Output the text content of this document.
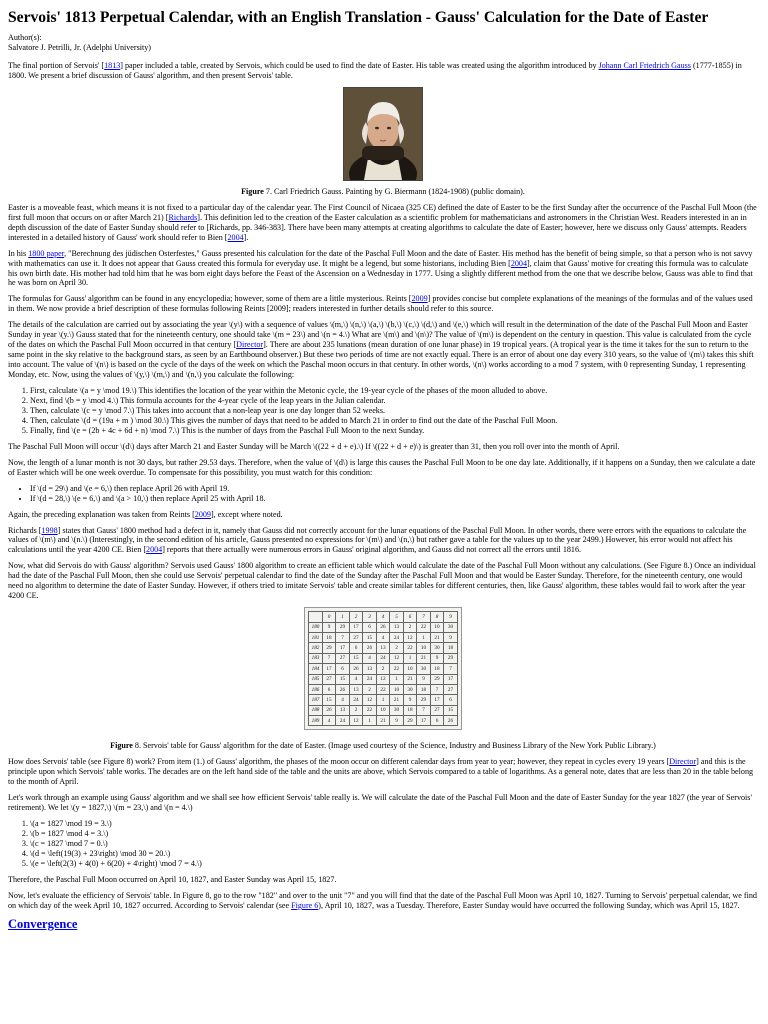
Servois' 1813 Perpetual Calendar, with an English Translation - Gauss' Calculation for the Date of Easter

Author(s):

Salvatore J. Petrilli, Jr. (Adelphi University)

The final portion of Servois' [1813] paper included a table, created by Servois, which could be used to find the date of Easter. His table was created using the algorithm introduced by Johann Carl Friedrich Gauss (1777-1855) in 1800. We present a brief discussion of Gauss' algorithm, and then present Servois' table.

Figure 7. Carl Friedrich Gauss. Painting by G. Biermann (1824-1908) (public domain).

Easter is a moveable feast, which means it is not fixed to a particular day of the calendar year. The First Council of Nicaea (325 CE) defined the date of Easter to be the first Sunday after the occurrence of the Paschal Full Moon (the first full moon that occurs on or after March 21) [Richards]. This definition led to the creation of the Easter calculation as a scientific problem for mathematicians and astronomers in the Christian West. Readers interested in an in depth discussion of the date of Easter Sunday should refer to [Richards, pp. 346-383]. There have been many attempts at creating algorithms to calculate the date of Easter; however, here we discuss only Gauss' attempts. Readers interested in a detailed history of Gauss' work should refer to Bien [2004].

In his 1800 paper, "Berechnung des jüdischen Osterfestes," Gauss presented his calculation for the date of the Paschal Full Moon and the date of Easter. His method has the benefit of being simple, so that a person who is not savvy with mathematics can use it. It does not appear that Gauss created this formula for everyday use. It might be a legend, but some historians, including Bien [2004], claim that Gauss' motive for creating this formula was to calculate his own birth date. His mother had told him that he was born eight days before the Feast of the Ascension on a Wednesday in 1777. Using a slightly different method from the one that we describe below, Gauss was able to find that he was born on April 30.

The formulas for Gauss' algorithm can be found in any encyclopedia; however, some of them are a little mysterious. Reints [2009] provides concise but complete explanations of the meanings of the formulas and of the values used in them. We now provide a brief description of these formulas following Reints [2009]; readers interested in further details should refer to this source.

The details of the calculation are carried out by associating the year \(y\) with a sequence of values \(m,\) \(n,\) \(a,\) \(b,\) \(c,\) \(d,\) and \(e,\) which will result in the determination of the date of the Paschal Full Moon and Easter Sunday in year \(y.\) Gauss stated that for the nineteenth century, one should take \(m = 23\) and \(n = 4.\) What are \(m\) and \(n\)? The value of \(m\) is dependent on the century in question. This value is calculated from the cycle of the dates on which the Paschal Full Moon occurred in that century [Director]. There are about 235 lunations (mean duration of one lunar phase) in 19 tropical years. (A tropical year is the time it takes for the sun to return to the same point in the sky relative to the background stars, as seen by an Earthbound observer.) But these two periods of time are not exactly equal. There is an error of about one day every 310 years, so the value of \(m\) takes this shift into account. The value of \(n\) is based on the cycle of the days of the week on which the Paschal moon occurs in that century. In other words, \(n\) works according to a mod 7 system, with 0 representing Sunday, 1 representing Monday, etc. Now, using the values of \(y,\) \(m,\) and \(n,\) you calculate the following:

1. First, calculate \(a = y \mod 19.\) This identifies the location of the year within the Metonic cycle, the 19-year cycle of the phases of the moon alluded to above.
2. Next, find \(b = y \mod 4.\) This formula accounts for the 4-year cycle of the leap years in the Julian calendar.
3. Then, calculate \(c = y \mod 7.\) This takes into account that a non-leap year is one day longer than 52 weeks.
4. Then, calculate \(d = (19a + m ) \mod 30.\) This gives the number of days that need to be added to March 21 in order to find out the date of the Paschal Full Moon.
5. Finally, find \(e = (2b + 4c + 6d + n) \mod 7.\) This is the number of days from the Paschal Full Moon to the next Sunday.

The Paschal Full Moon will occur \(d\) days after March 21 and Easter Sunday will be March \((22 + d + e).\) If \((22 + d + e)\) is greater than 31, then you roll over into the month of April.

Now, the length of a lunar month is not 30 days, but rather 29.53 days. Therefore, when the value of \(d\) is large this causes the Paschal Full Moon to be one day late. Additionally, if it happens on a Sunday, then we calculate a date of Easter which will be one week overdue. To compensate for this possibility, you must watch for this condition:

• If \(d = 29\) and \(e = 6,\) then replace April 26 with April 19.
• If \(d = 28,\) \(e = 6,\) and \(a > 10,\) then replace April 25 with April 18.

Again, the preceding explanation was taken from Reints [2009], except where noted.

Richards [1998] states that Gauss' 1800 method had a defect in it, namely that Gauss did not correctly account for the lunar equations of the Paschal Full Moon. In other words, there were errors with the equations to calculate the values of \(m\) and \(n.\) (Interestingly, in the second edition of his article, Gauss presented no expressions for \(m\) and \(n,\) but rather gave a table for the values up to the year 2499.) However, his error would not affect his calculations until the year 4200 CE. Bien [2004] reports that there actually were numerous errors in Gauss' original algorithm, and Gauss did not correct all the errors until 1816.

Now, what did Servois do with Gauss' algorithm? Servois used Gauss' 1800 algorithm to create an efficient table which would calculate the date of the Paschal Full Moon without any calculations. (See Figure 8.) Once an individual had the date of the Paschal Full Moon, then she could use Servois' perpetual calendar to find the date of the Sunday after the Paschal Full Moon and that would be Easter Sunday. Therefore, for the nineteenth century, one would need no algorithm to determine the date of Easter Sunday. However, if others tried to imitate Servois' table and create similar tables for different centuries, then, like Gauss' algorithm, these tables would fail to work after the year 4200 CE.

	0	1	2	3	4	5	6	7	8	9
180	9	29	17	6	26	13	2	22	10	30
181	18	7	27	15	4	24	12	1	21	9
182	29	17	6	26	13	2	22	10	30	18
183	7	27	15	4	24	12	1	21	9	29
184	17	6	26	13	2	22	10	30	18	7
185	27	15	4	24	12	1	21	9	29	17
186	6	26	13	2	22	10	30	18	7	27
187	15	4	24	12	1	21	9	29	17	6
188	26	13	2	22	10	30	18	7	27	15
189	4	24	12	1	21	9	29	17	6	26

Figure 8. Servois' table for Gauss' algorithm for the date of Easter. (Image used courtesy of the Science, Industry and Business Library of the New York Public Library.)

How does Servois' table (see Figure 8) work? From item (1.) of Gauss' algorithm, the phases of the moon occur on different calendar days from year to year; however, they repeat in cycles every 19 years [Director] and this is the principle upon which Servois' table works. The decades are on the left hand side of the table and the units are above, which Servois compared to a table of logarithms. As a general note, dates that are less than 20 in the table belong to the month of April.

Let's work through an example using Gauss' algorithm and we shall see how efficient Servois' table really is. We will calculate the date of the Paschal Full Moon and the date of Easter Sunday for the year 1827 (the year of Servois' retirement). We let \(y = 1827,\) \(m = 23,\) and \(n = 4.\)

1. \(a = 1827 \mod 19 = 3.\)
2. \(b = 1827 \mod 4 = 3.\)
3. \(c = 1827 \mod 7 = 0.\)
4. \(d = \left(19(3) + 23\right) \mod 30 = 20.\)
5. \(e = \left(2(3) + 4(0) + 6(20) + 4\right) \mod 7 = 4.\)

Therefore, the Paschal Full Moon occurred on April 10, 1827, and Easter Sunday was April 15, 1827.

Now, let's evaluate the efficiency of Servois' table. In Figure 8, go to the row "182" and over to the unit "7" and you will find that the date of the Paschal Full Moon was April 10, 1827. Turning to Servois' perpetual calendar, we find on which day of the week April 10, 1827 occurred. According to Servois' calendar (see Figure 6), April 10, 1827, was a Tuesday. Therefore, Easter Sunday would have occurred the following Sunday, which was April 15, 1827.

Convergence
